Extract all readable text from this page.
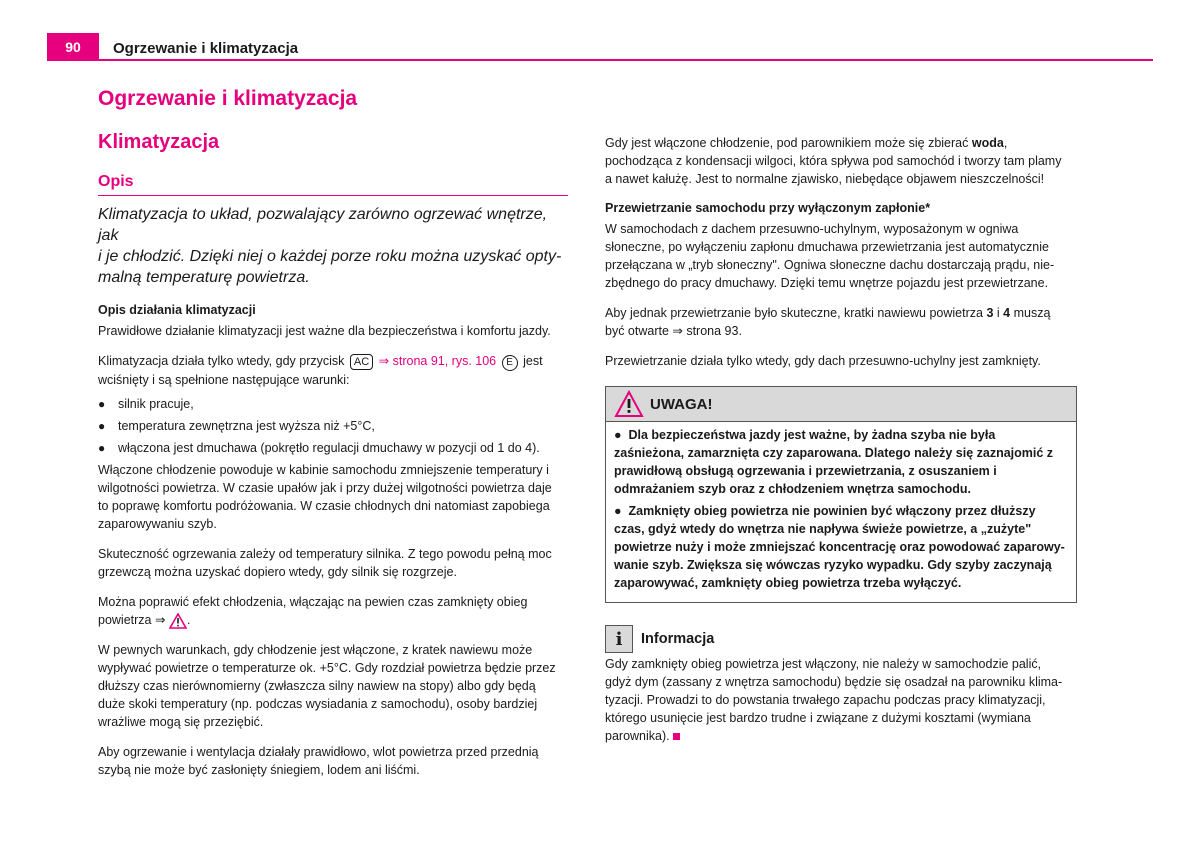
90	Ogrzewanie i klimatyzacja
Ogrzewanie i klimatyzacja
Klimatyzacja
Opis
Klimatyzacja to układ, pozwalający zarówno ogrzewać wnętrze, jak
i je chłodzić. Dzięki niej o każdej porze roku można uzyskać opty-
malną temperaturę powietrza.
Opis działania klimatyzacji

Prawidłowe działanie klimatyzacji jest ważne dla bezpieczeństwa i komfortu jazdy.

Klimatyzacja działa tylko wtedy, gdy przycisk AC ⇒ strona 91, rys. 106 E jest
wciśnięty i są spełnione następujące warunki:

●	silnik pracuje,
●	temperatura zewnętrzna jest wyższa niż +5°C,
●	włączona jest dmuchawa (pokrętło regulacji dmuchawy w pozycji od 1 do 4).

Włączone chłodzenie powoduje w kabinie samochodu zmniejszenie temperatury i
wilgotności powietrza. W czasie upałów jak i przy dużej wilgotności powietrza daje
to poprawę komfortu podróżowania. W czasie chłodnych dni natomiast zapobiega
zaparowywaniu szyb.

Skuteczność ogrzewania zależy od temperatury silnika. Z tego powodu pełną moc
grzewczą można uzyskać dopiero wtedy, gdy silnik się rozgrzeje.

Można poprawić efekt chłodzenia, włączając na pewien czas zamknięty obieg
powietrza ⇒ .

W pewnych warunkach, gdy chłodzenie jest włączone, z kratek nawiewu może
wypływać powietrze o temperaturze ok. +5°C. Gdy rozdział powietrza będzie przez
dłuższy czas nierównomierny (zwłaszcza silny nawiew na stopy) albo gdy będą
duże skoki temperatury (np. podczas wysiadania z samochodu), osoby bardziej
wrażliwe mogą się przeziębić.

Aby ogrzewanie i wentylacja działały prawidłowo, wlot powietrza przed przednią
szybą nie może być zasłonięty śniegiem, lodem ani liśćmi.

Gdy jest włączone chłodzenie, pod parownikiem może się zbierać woda,
pochodząca z kondensacji wilgoci, która spływa pod samochód i tworzy tam plamy
a nawet kałużę. Jest to normalne zjawisko, niebędące objawem nieszczelności!

Przewietrzanie samochodu przy wyłączonym zapłonie*

W samochodach z dachem przesuwno-uchylnym, wyposażonym w ogniwa
słoneczne, po wyłączeniu zapłonu dmuchawa przewietrzania jest automatycznie
przełączana w „tryb słoneczny". Ogniwa słoneczne dachu dostarczają prądu, nie-
zbędnego do pracy dmuchawy. Dzięki temu wnętrze pojazdu jest przewietrzane.

Aby jednak przewietrzanie było skuteczne, kratki nawiewu powietrza 3 i 4 muszą
być otwarte ⇒ strona 93.

Przewietrzanie działa tylko wtedy, gdy dach przesuwno-uchylny jest zamknięty.

UWAGA!
●  Dla bezpieczeństwa jazdy jest ważne, by żadna szyba nie była
zaśnieżona, zamarznięta czy zaparowana. Dlatego należy się zaznajomić z
prawidłową obsługą ogrzewania i przewietrzania, z osuszaniem i
odmrażaniem szyb oraz z chłodzeniem wnętrza samochodu.
●  Zamknięty obieg powietrza nie powinien być włączony przez dłuższy
czas, gdyż wtedy do wnętrza nie napływa świeże powietrze, a „zużyte"
powietrze nuży i może zmniejszać koncentrację oraz powodować zaparowy-
wanie szyb. Zwiększa się wówczas ryzyko wypadku. Gdy szyby zaczynają
zaparowywać, zamknięty obieg powietrza trzeba wyłączyć.
i	Informacja

Gdy zamknięty obieg powietrza jest włączony, nie należy w samochodzie palić,
gdyż dym (zassany z wnętrza samochodu) będzie się osadzał na parowniku klima-
tyzacji. Prowadzi to do powstania trwałego zapachu podczas pracy klimatyzacji,
którego usunięcie jest bardzo trudne i związane z dużymi kosztami (wymiana
parownika).
